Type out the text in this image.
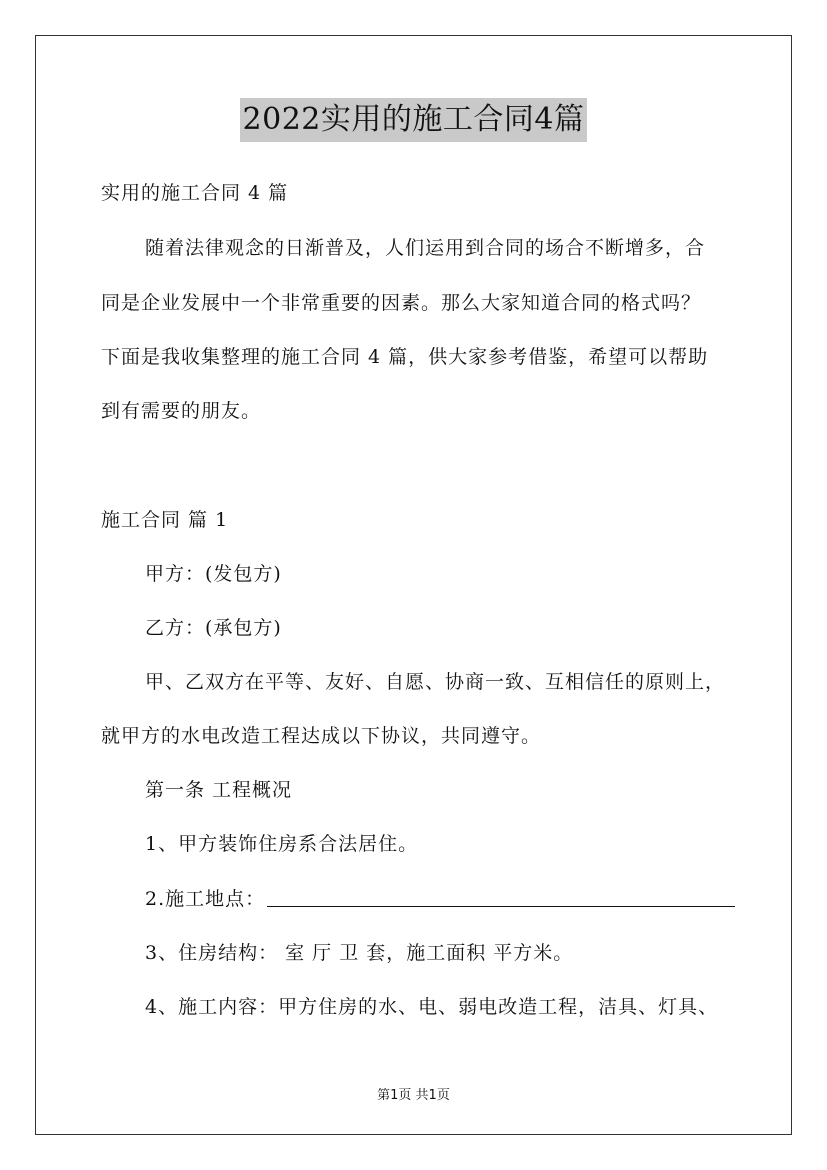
2022实用的施工合同4篇
实用的施工合同 4 篇
随着法律观念的日渐普及，人们运用到合同的场合不断增多，合
同是企业发展中一个非常重要的因素。那么大家知道合同的格式吗？
下面是我收集整理的施工合同 4 篇，供大家参考借鉴，希望可以帮助
到有需要的朋友。
施工合同 篇 1
甲方：(发包方)
乙方：(承包方)
甲、乙双方在平等、友好、自愿、协商一致、互相信任的原则上，
就甲方的水电改造工程达成以下协议，共同遵守。
第一条 工程概况
1、甲方装饰住房系合法居住。
2.施工地点：
3、住房结构： 室 厅 卫 套，施工面积 平方米。
4、施工内容：甲方住房的水、电、弱电改造工程，洁具、灯具、
第1页 共1页
